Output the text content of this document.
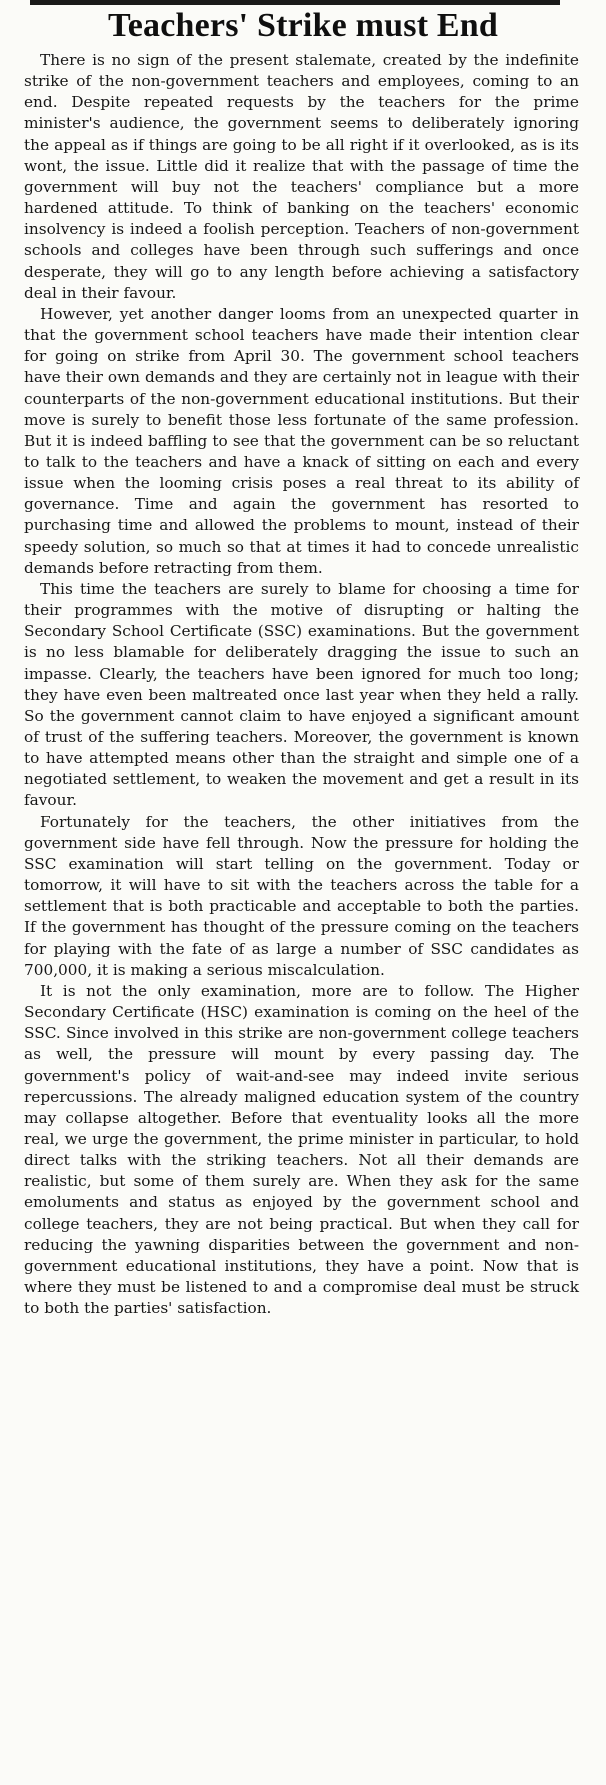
Teachers' Strike must End

There is no sign of the present stalemate, created by the indefinite strike of the non-government teachers and employees, coming to an end. Despite repeated requests by the teachers for the prime minister's audience, the government seems to deliberately ignoring the appeal as if things are going to be all right if it overlooked, as is its wont, the issue. Little did it realize that with the passage of time the government will buy not the teachers' compliance but a more hardened attitude. To think of banking on the teachers' economic insolvency is indeed a foolish perception. Teachers of non-government schools and colleges have been through such sufferings and once desperate, they will go to any length before achieving a satisfactory deal in their favour.

However, yet another danger looms from an unexpected quarter in that the government school teachers have made their intention clear for going on strike from April 30. The government school teachers have their own demands and they are certainly not in league with their counterparts of the non-government educational institutions. But their move is surely to benefit those less fortunate of the same profession. But it is indeed baffling to see that the government can be so reluctant to talk to the teachers and have a knack of sitting on each and every issue when the looming crisis poses a real threat to its ability of governance. Time and again the government has resorted to purchasing time and allowed the problems to mount, instead of their speedy solution, so much so that at times it had to concede unrealistic demands before retracting from them.

This time the teachers are surely to blame for choosing a time for their programmes with the motive of disrupting or halting the Secondary School Certificate (SSC) examinations. But the government is no less blamable for deliberately dragging the issue to such an impasse. Clearly, the teachers have been ignored for much too long; they have even been maltreated once last year when they held a rally. So the government cannot claim to have enjoyed a significant amount of trust of the suffering teachers. Moreover, the government is known to have attempted means other than the straight and simple one of a negotiated settlement, to weaken the movement and get a result in its favour.

Fortunately for the teachers, the other initiatives from the government side have fell through. Now the pressure for holding the SSC examination will start telling on the government. Today or tomorrow, it will have to sit with the teachers across the table for a settlement that is both practicable and acceptable to both the parties. If the government has thought of the pressure coming on the teachers for playing with the fate of as large a number of SSC candidates as 700,000, it is making a serious miscalculation.

It is not the only examination, more are to follow. The Higher Secondary Certificate (HSC) examination is coming on the heel of the SSC. Since involved in this strike are non-government college teachers as well, the pressure will mount by every passing day. The government's policy of wait-and-see may indeed invite serious repercussions. The already maligned education system of the country may collapse altogether. Before that eventuality looks all the more real, we urge the government, the prime minister in particular, to hold direct talks with the striking teachers. Not all their demands are realistic, but some of them surely are. When they ask for the same emoluments and status as enjoyed by the government school and college teachers, they are not being practical. But when they call for reducing the yawning disparities between the government and non-government educational institutions, they have a point. Now that is where they must be listened to and a compromise deal must be struck to both the parties' satisfaction.
